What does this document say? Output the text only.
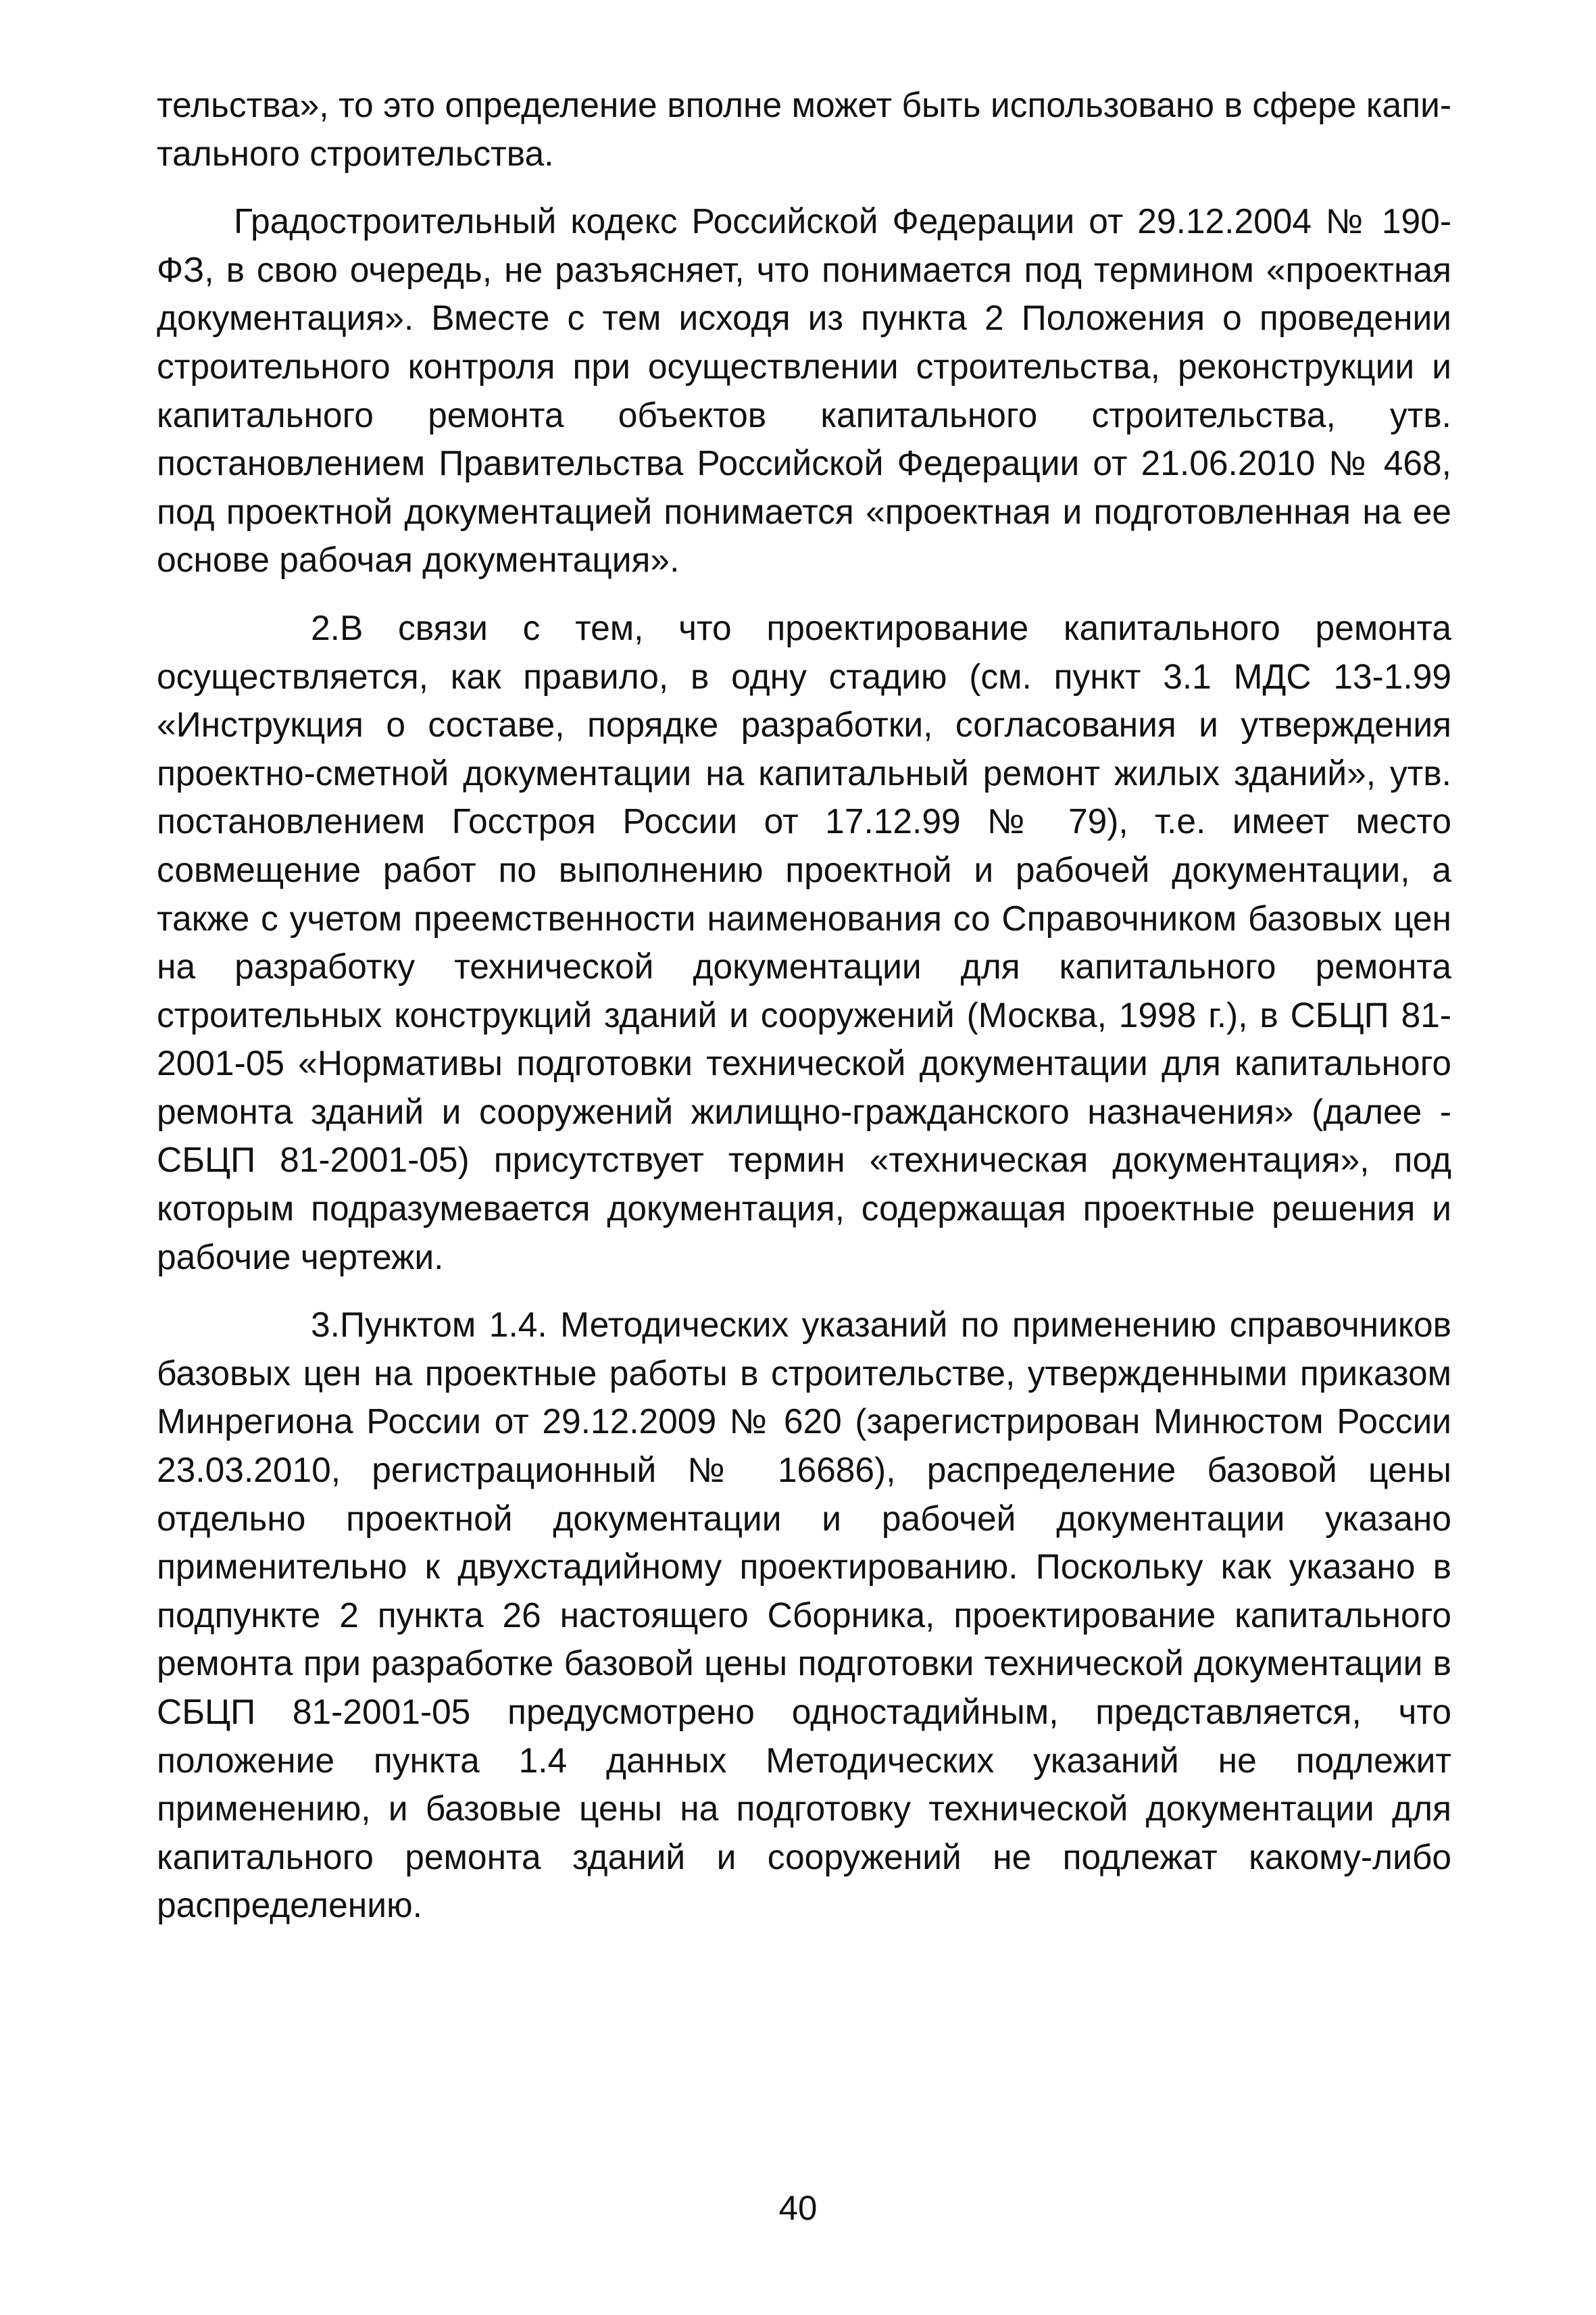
тельства», то это определение вполне может быть использовано в сфере капитального строительства.

Градостроительный кодекс Российской Федерации от 29.12.2004 № 190-ФЗ, в свою очередь, не разъясняет, что понимается под термином «проектная документация». Вместе с тем исходя из пункта 2 Положения о проведении строительного контроля при осуществлении строительства, реконструкции и капитального ремонта объектов капитального строительства, утв. постановлением Правительства Российской Федерации от 21.06.2010 № 468, под проектной документацией понимается «проектная и подготовленная на ее основе рабочая документация».

2.В связи с тем, что проектирование капитального ремонта осуществляется, как правило, в одну стадию (см. пункт 3.1 МДС 13-1.99 «Инструкция о составе, порядке разработки, согласования и утверждения проектно-сметной документации на капитальный ремонт жилых зданий», утв. постановлением Госстроя России от 17.12.99 № 79), т.е. имеет место совмещение работ по выполнению проектной и рабочей документации, а также с учетом преемственности наименования со Справочником базовых цен на разработку технической документации для капитального ремонта строительных конструкций зданий и сооружений (Москва, 1998 г.), в СБЦП 81-2001-05 «Нормативы подготовки технической документации для капитального ремонта зданий и сооружений жилищно-гражданского назначения» (далее - СБЦП 81-2001-05) присутствует термин «техническая документация», под которым подразумевается документация, содержащая проектные решения и рабочие чертежи.

3.Пунктом 1.4. Методических указаний по применению справочников базовых цен на проектные работы в строительстве, утвержденными приказом Минрегиона России от 29.12.2009 № 620 (зарегистрирован Минюстом России 23.03.2010, регистрационный № 16686), распределение базовой цены отдельно проектной документации и рабочей документации указано применительно к двухстадийному проектированию. Поскольку как указано в подпункте 2 пункта 26 настоящего Сборника, проектирование капитального ремонта при разработке базовой цены подготовки технической документации в СБЦП 81-2001-05 предусмотрено одностадийным, представляется, что положение пункта 1.4 данных Методических указаний не подлежит применению, и базовые цены на подготовку технической документации для капитального ремонта зданий и сооружений не подлежат какому-либо распределению.

40
